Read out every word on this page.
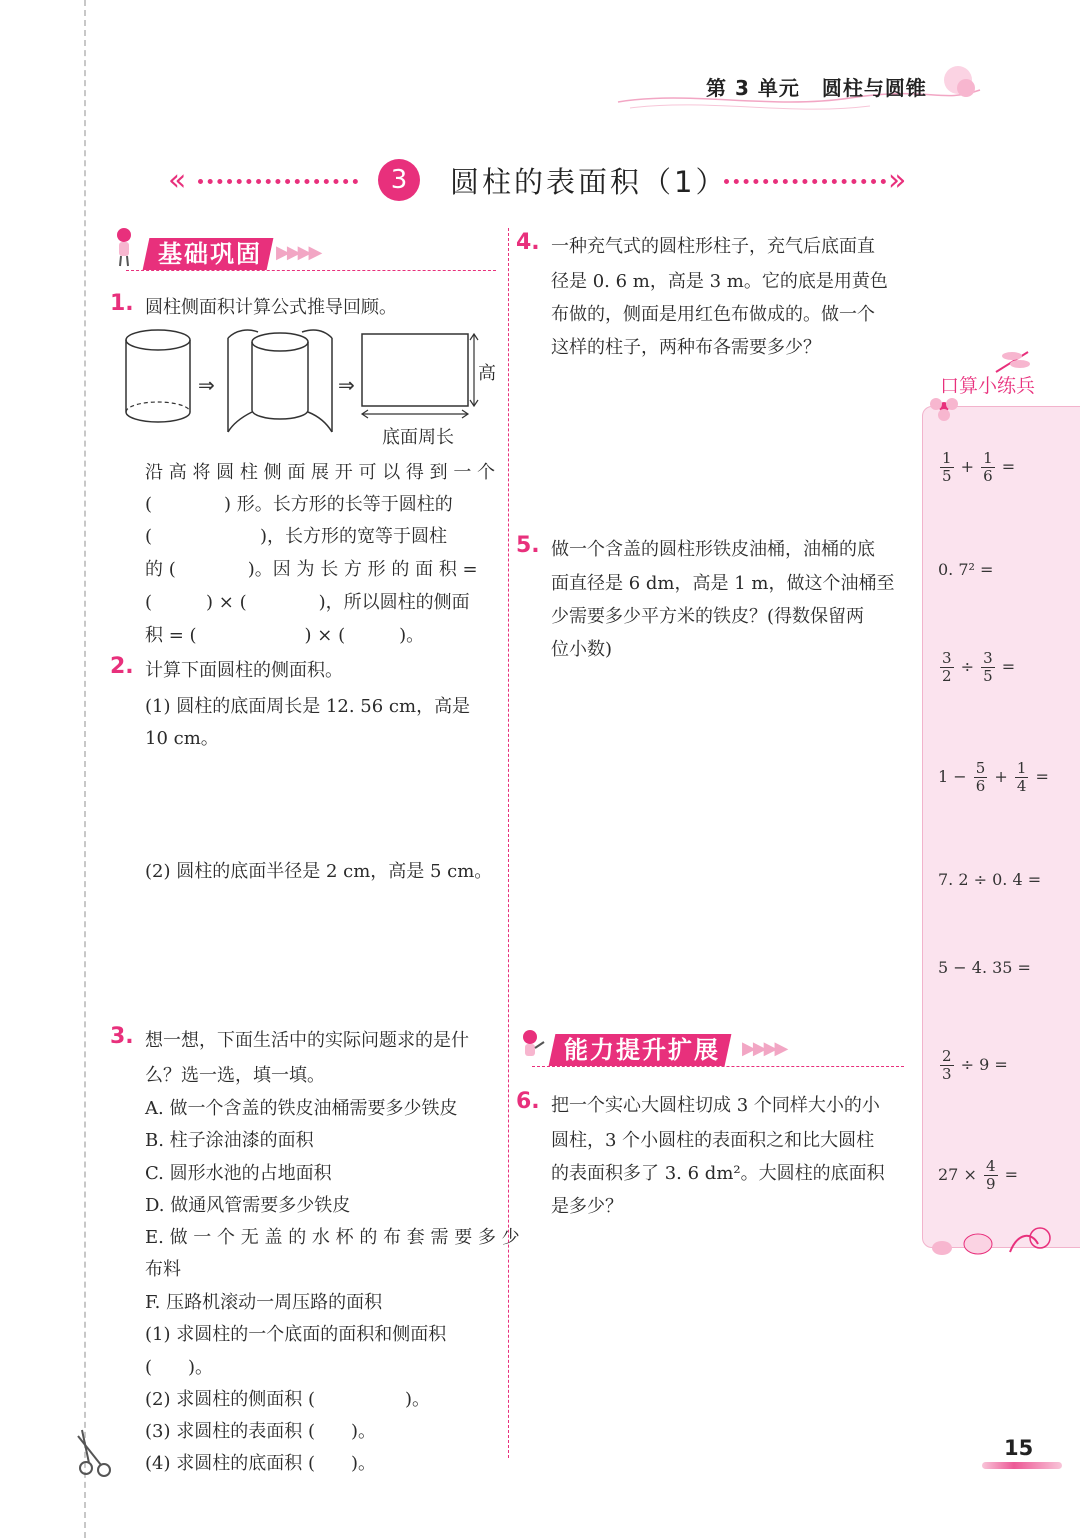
第 3 单元 圆柱与圆锥
«	3	圆柱的表面积（1）	»
基础巩固 ▶▶▶▶
1. 圆柱侧面积计算公式推导回顾。
⇒	⇒	高
底面周长
沿 高 将 圆 柱 侧 面 展 开 可 以 得 到 一 个
(　　　　) 形。长方形的长等于圆柱的
(　　　　　　)，长方形的宽等于圆柱
的 (　　　　)。因 为 长 方 形 的 面 积 =
(　　　) × (　　　　)，所以圆柱的侧面
积 = (　　　　　　) × (　　　)。
2. 计算下面圆柱的侧面积。
(1) 圆柱的底面周长是 12. 56 cm，高是
10 cm。
(2) 圆柱的底面半径是 2 cm，高是 5 cm。
3. 想一想，下面生活中的实际问题求的是什
么？选一选，填一填。
A. 做一个含盖的铁皮油桶需要多少铁皮
B. 柱子涂油漆的面积
C. 圆形水池的占地面积
D. 做通风管需要多少铁皮
E. 做 一 个 无 盖 的 水 杯 的 布 套 需 要 多 少
布料
F. 压路机滚动一周压路的面积
(1) 求圆柱的一个底面的面积和侧面积
(　　)。
(2) 求圆柱的侧面积 (　　　　　)。
(3) 求圆柱的表面积 (　　)。
(4) 求圆柱的底面积 (　　)。
4. 一种充气式的圆柱形柱子，充气后底面直
径是 0. 6 m，高是 3 m。它的底是用黄色
布做的，侧面是用红色布做成的。做一个
这样的柱子，两种布各需要多少？
5. 做一个含盖的圆柱形铁皮油桶，油桶的底
面直径是 6 dm，高是 1 m，做这个油桶至
少需要多少平方米的铁皮？(得数保留两
位小数)
能力提升扩展	▶▶▶▶
6. 把一个实心大圆柱切成 3 个同样大小的小
圆柱，3 个小圆柱的表面积之和比大圆柱
的表面积多了 3. 6 dm²。大圆柱的底面积
是多少？
口算小练兵
$\frac{1}{5} + \frac{1}{6}$ =
0. 7² =
$\frac{3}{2} \div \frac{3}{5}$ =
$1 - \frac{5}{6} + \frac{1}{4}$ =
7. 2 ÷ 0. 4 =
5 − 4. 35 =
$\frac{2}{3} \div 9$ =
$27 \times \frac{4}{9}$ =
15
